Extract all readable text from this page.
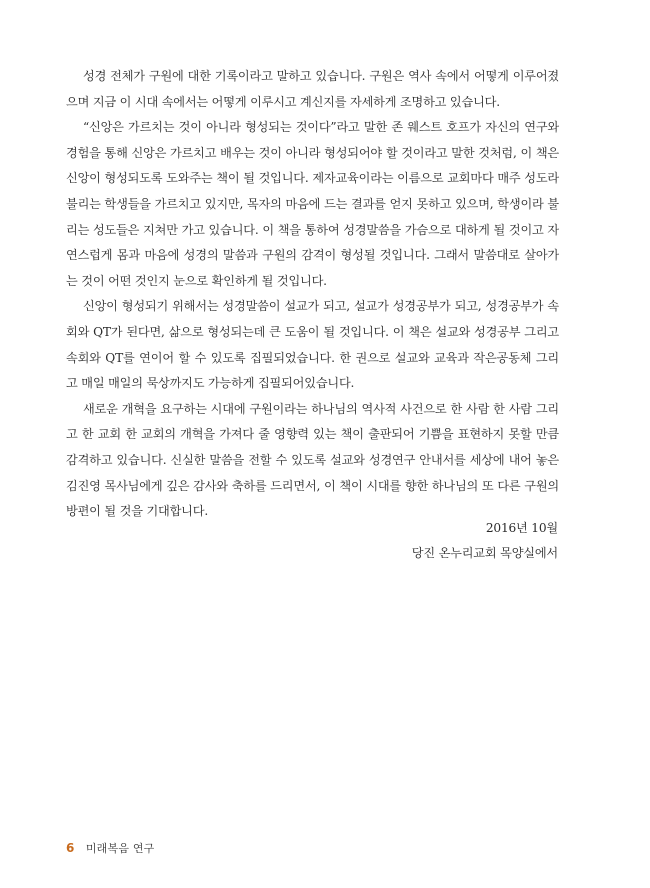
성경 전체가 구원에 대한 기록이라고 말하고 있습니다. 구원은 역사 속에서 어떻게 이루어졌으며 지금 이 시대 속에서는 어떻게 이루시고 계신지를 자세하게 조명하고 있습니다.

“신앙은 가르치는 것이 아니라 형성되는 것이다”라고 말한 존 웨스트 호프가 자신의 연구와 경험을 통해 신앙은 가르치고 배우는 것이 아니라 형성되어야 할 것이라고 말한 것처럼, 이 책은 신앙이 형성되도록 도와주는 책이 될 것입니다. 제자교육이라는 이름으로 교회마다 매주 성도라 불리는 학생들을 가르치고 있지만, 목자의 마음에 드는 결과를 얻지 못하고 있으며, 학생이라 불리는 성도들은 지쳐만 가고 있습니다. 이 책을 통하여 성경말씀을 가슴으로 대하게 될 것이고 자연스럽게 몸과 마음에 성경의 말씀과 구원의 감격이 형성될 것입니다. 그래서 말씀대로 살아가는 것이 어떤 것인지 눈으로 확인하게 될 것입니다.

신앙이 형성되기 위해서는 성경말씀이 설교가 되고, 설교가 성경공부가 되고, 성경공부가 속회와 QT가 된다면, 삶으로 형성되는데 큰 도움이 될 것입니다. 이 책은 설교와 성경공부 그리고 속회와 QT를 연이어 할 수 있도록 집필되었습니다. 한 권으로 설교와 교육과 작은공동체 그리고 매일 매일의 묵상까지도 가능하게 집필되어있습니다.

새로운 개혁을 요구하는 시대에 구원이라는 하나님의 역사적 사건으로 한 사람 한 사람 그리고 한 교회 한 교회의 개혁을 가져다 줄 영향력 있는 책이 출판되어 기쁨을 표현하지 못할 만큼 감격하고 있습니다. 신실한 말씀을 전할 수 있도록 설교와 성경연구 안내서를 세상에 내어 놓은 김진영 목사님에게 깊은 감사와 축하를 드리면서, 이 책이 시대를 향한 하나님의 또 다른 구원의 방편이 될 것을 기대합니다.

2016년 10월
당진 온누리교회 목양실에서
6 미래복음 연구
